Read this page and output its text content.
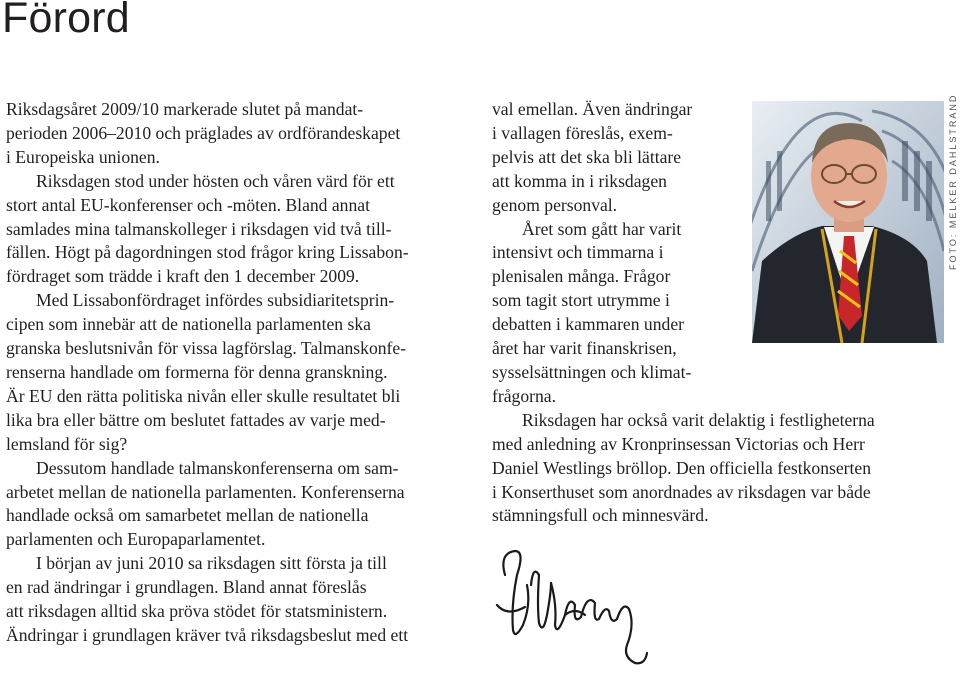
Förord
Riksdagsåret 2009/10 markerade slutet på mandat-
perioden 2006–2010 och präglades av ordförandeskapet
i Europeiska unionen.
Riksdagen stod under hösten och våren värd för ett
stort antal EU-konferenser och -möten. Bland annat
samlades mina talmanskolleger i riksdagen vid två till-
fällen. Högt på dagordningen stod frågor kring Lissabon-
fördraget som trädde i kraft den 1 december 2009.
Med Lissabonfördraget infördes subsidiaritetsprin-
cipen som innebär att de nationella parlamenten ska
granska beslutsnivån för vissa lagförslag. Talmanskonfe-
renserna handlade om formerna för denna granskning.
Är EU den rätta politiska nivån eller skulle resultatet bli
lika bra eller bättre om beslutet fattades av varje med-
lemsland för sig?
Dessutom handlade talmanskonferenserna om sam-
arbetet mellan de nationella parlamenten. Konferenserna
handlade också om samarbetet mellan de nationella
parlamenten och Europaparlamentet.
I början av juni 2010 sa riksdagen sitt första ja till
en rad ändringar i grundlagen. Bland annat föreslås
att riksdagen alltid ska pröva stödet för statsministern.
Ändringar i grundlagen kräver två riksdagsbeslut med ett
val emellan. Även ändringar
i vallagen föreslås, exem-
pelvis att det ska bli lättare
att komma in i riksdagen
genom personval.
Året som gått har varit
intensivt och timmarna i
plenisalen många. Frågor
som tagit stort utrymme i
debatten i kammaren under
året har varit finanskrisen,
sysselsättningen och klimat-
frågorna.
Riksdagen har också varit delaktig i festligheterna
med anledning av Kronprinsessan Victorias och Herr
Daniel Westlings bröllop. Den officiella festkonserten
i Konserthuset som anordnades av riksdagen var både
stämningsfull och minnesvärd.
FOTO: MELKER DAHLSTRAND
